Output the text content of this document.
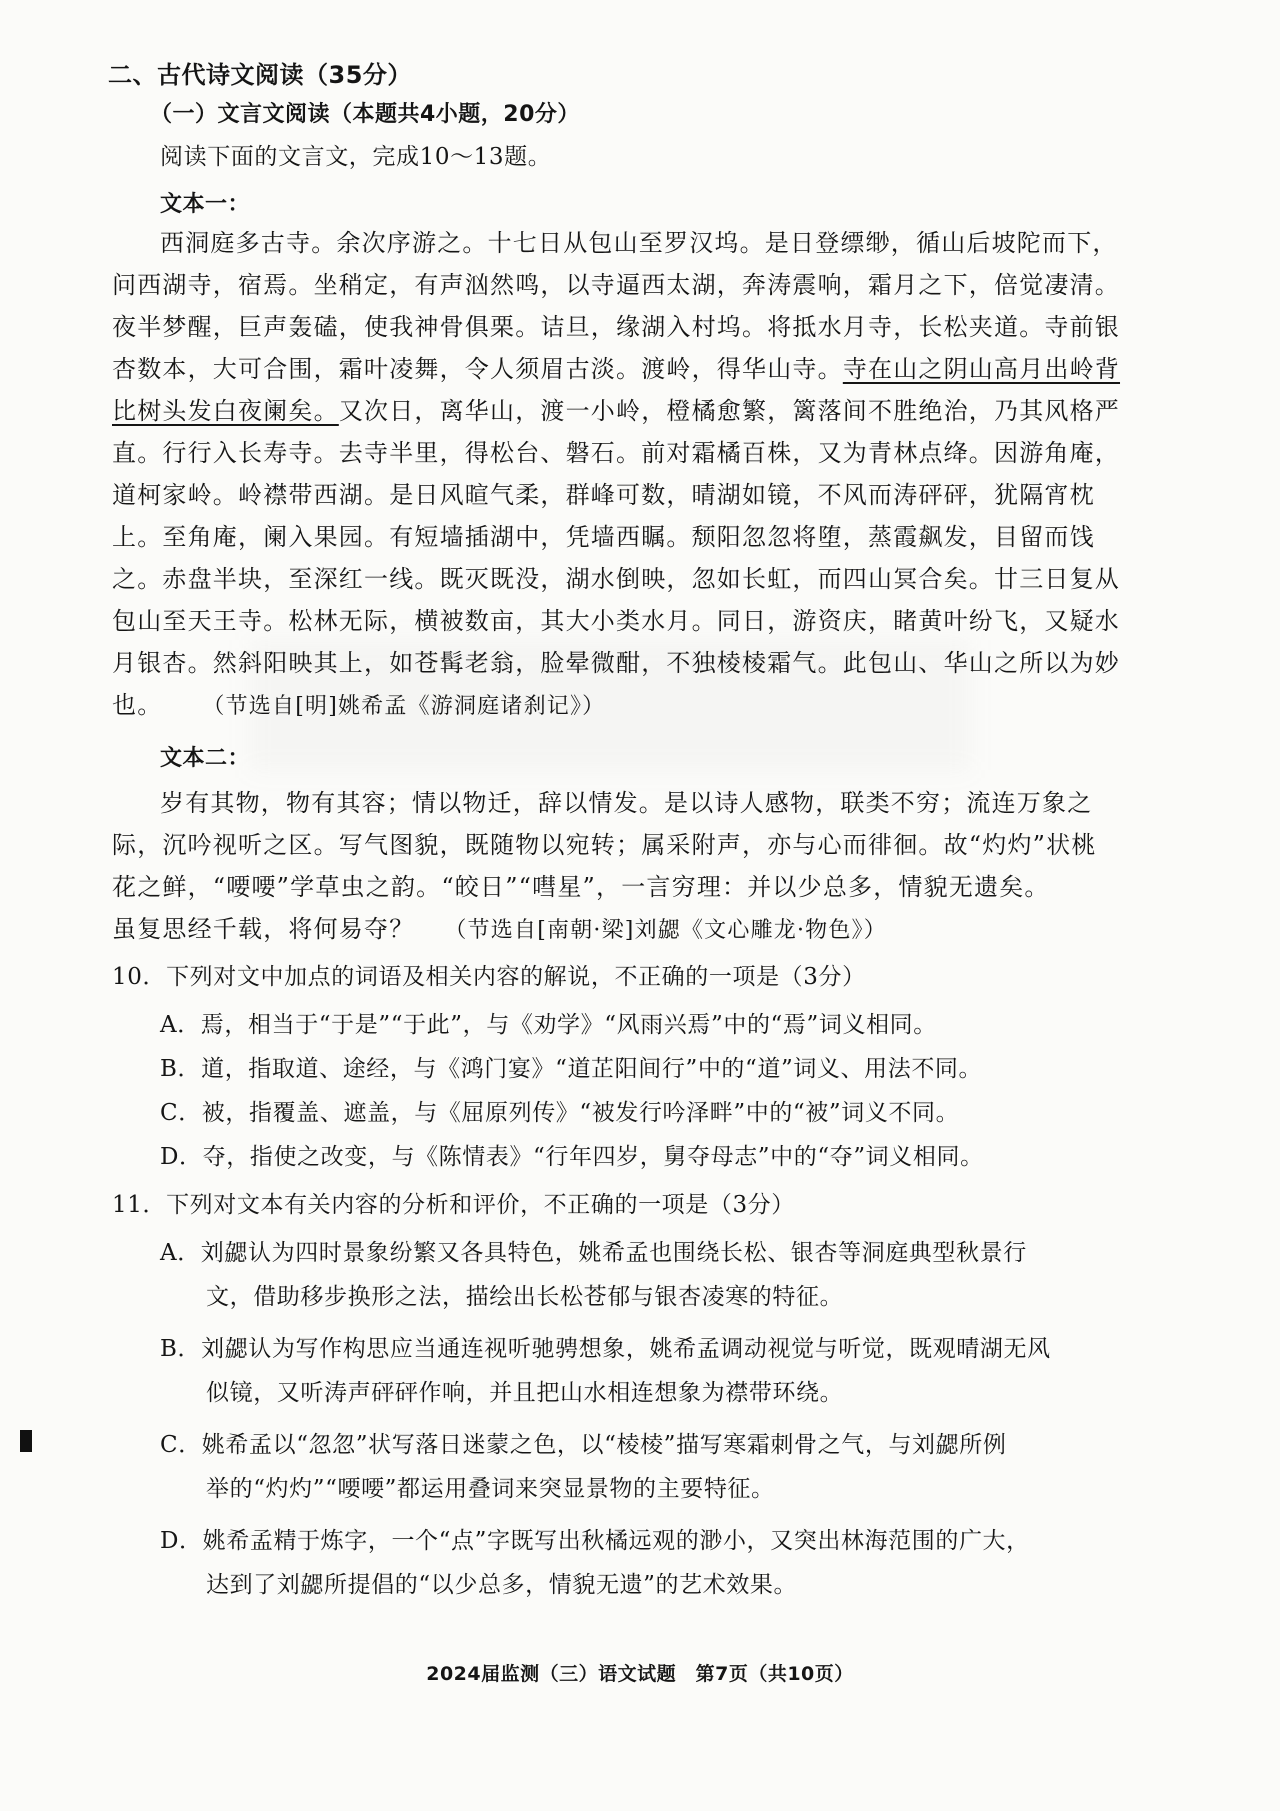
二、古代诗文阅读（35分）
（一）文言文阅读（本题共4小题，20分）
阅读下面的文言文，完成10～13题。
文本一：
西洞庭多古寺。余次序游之。十七日从包山至罗汉坞。是日登缥缈，循山后坡陀而下，
问西湖寺，宿焉。坐稍定，有声汹然鸣，以寺逼西太湖，奔涛震响，霜月之下，倍觉凄清。
夜半梦醒，巨声轰磕，使我神骨俱栗。诘旦，缘湖入村坞。将抵水月寺，长松夹道。寺前银
杏数本，大可合围，霜叶凌舞，令人须眉古淡。渡岭，得华山寺。寺在山之阴山高月出岭背
比树头发白夜阑矣。又次日，离华山，渡一小岭，橙橘愈繁，篱落间不胜绝治，乃其风格严
直。行行入长寿寺。去寺半里，得松台、磐石。前对霜橘百株，又为青林点绛。因游角庵，
道柯家岭。岭襟带西湖。是日风暄气柔，群峰可数，晴湖如镜，不风而涛砰砰，犹隔宵枕
上。至角庵，阑入果园。有短墙插湖中，凭墙西瞩。颓阳忽忽将堕，蒸霞飙发，目留而饯
之。赤盘半块，至深红一线。既灭既没，湖水倒映，忽如长虹，而四山冥合矣。廿三日复从
包山至天王寺。松林无际，横被数亩，其大小类水月。同日，游资庆，睹黄叶纷飞，又疑水
月银杏。然斜阳映其上，如苍髯老翁，脸晕微酣，不独棱棱霜气。此包山、华山之所以为妙
也。 （节选自[明]姚希孟《游洞庭诸刹记》）
文本二：
岁有其物，物有其容；情以物迁，辞以情发。是以诗人感物，联类不穷；流连万象之
际，沉吟视听之区。写气图貌，既随物以宛转；属采附声，亦与心而徘徊。故“灼灼”状桃
花之鲜，“喓喓”学草虫之韵。“皎日”“嘒星”，一言穷理：并以少总多，情貌无遗矣。
虽复思经千载，将何易夺？ （节选自[南朝·梁]刘勰《文心雕龙·物色》）
10．下列对文中加点的词语及相关内容的解说，不正确的一项是（3分）
A．焉，相当于“于是”“于此”，与《劝学》“风雨兴焉”中的“焉”词义相同。
B．道，指取道、途经，与《鸿门宴》“道芷阳间行”中的“道”词义、用法不同。
C．被，指覆盖、遮盖，与《屈原列传》“被发行吟泽畔”中的“被”词义不同。
D．夺，指使之改变，与《陈情表》“行年四岁，舅夺母志”中的“夺”词义相同。
11．下列对文本有关内容的分析和评价，不正确的一项是（3分）
A．刘勰认为四时景象纷繁又各具特色，姚希孟也围绕长松、银杏等洞庭典型秋景行
文，借助移步换形之法，描绘出长松苍郁与银杏凌寒的特征。
B．刘勰认为写作构思应当通连视听驰骋想象，姚希孟调动视觉与听觉，既观晴湖无风
似镜，又听涛声砰砰作响，并且把山水相连想象为襟带环绕。
C．姚希孟以“忽忽”状写落日迷蒙之色，以“棱棱”描写寒霜刺骨之气，与刘勰所例
举的“灼灼”“喓喓”都运用叠词来突显景物的主要特征。
D．姚希孟精于炼字，一个“点”字既写出秋橘远观的渺小，又突出林海范围的广大，
达到了刘勰所提倡的“以少总多，情貌无遗”的艺术效果。
2024届监测（三）语文试题　第7页（共10页）
